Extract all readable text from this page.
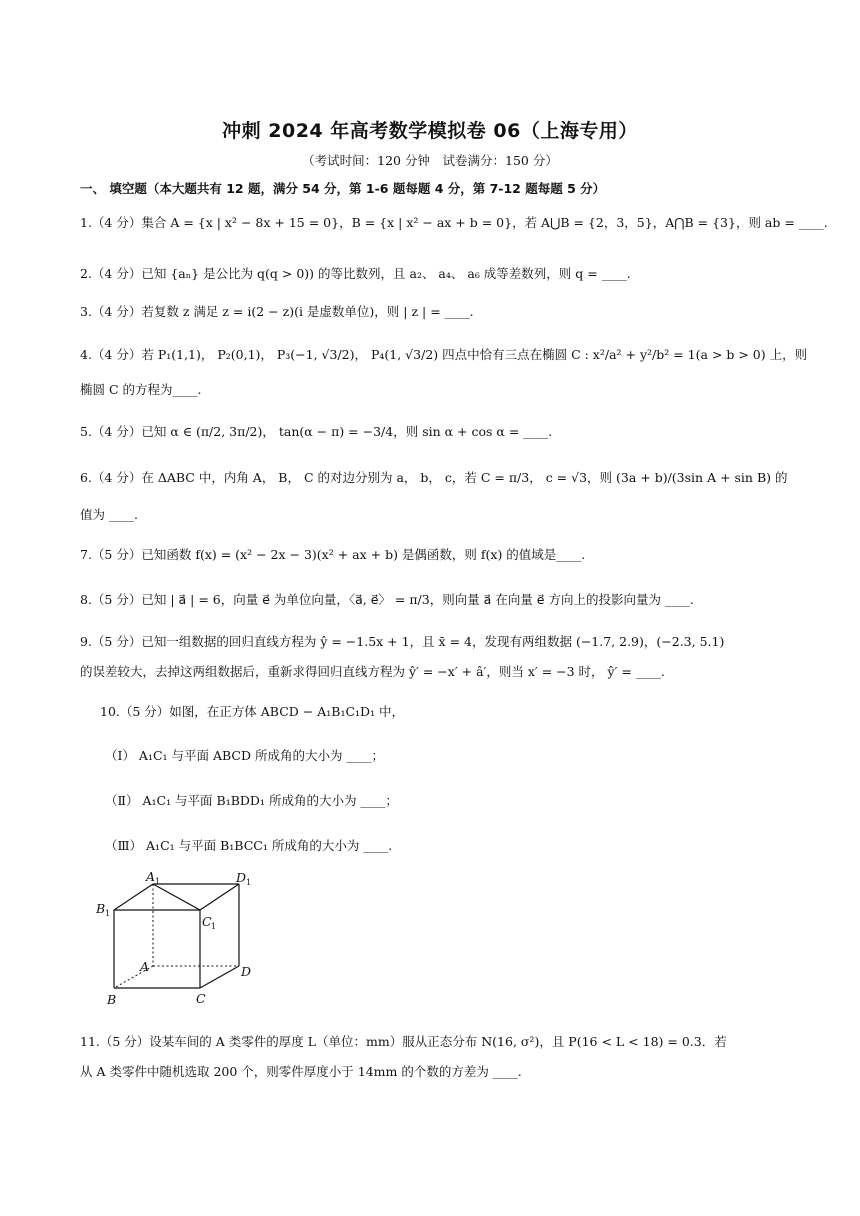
冲刺 2024 年高考数学模拟卷 06（上海专用）
（考试时间：120 分钟　试卷满分：150 分）
一、 填空题（本大题共有 12 题，满分 54 分，第 1-6 题每题 4 分，第 7-12 题每题 5 分）
1.（4 分）集合 A = {x | x² − 8x + 15 = 0}，B = {x | x² − ax + b = 0}，若 A⋃B = {2，3，5}，A⋂B = {3}，则 ab = ____.
2.（4 分）已知 {aₙ} 是公比为 q(q > 0)) 的等比数列，且 a₂、 a₄、 a₆ 成等差数列，则 q = ____.
3.（4 分）若复数 z 满足 z = i(2 − z)(i 是虚数单位)，则 | z | = ____.
4.（4 分）若 P₁(1,1)， P₂(0,1)， P₃(−1, √3/2)， P₄(1, √3/2) 四点中恰有三点在椭圆 C : x²/a² + y²/b² = 1(a > b > 0) 上，则
椭圆 C 的方程为____.
5.（4 分）已知 α ∈ (π/2, 3π/2)， tan(α − π) = −3/4，则 sin α + cos α = ____.
6.（4 分）在 ΔABC 中，内角 A， B， C 的对边分别为 a， b， c，若 C = π/3， c = √3，则 (3a + b)/(3sin A + sin B) 的
值为 ____.
7.（5 分）已知函数 f(x) = (x² − 2x − 3)(x² + ax + b) 是偶函数，则 f(x) 的值域是____.
8.（5 分）已知 | a⃗ | = 6，向量 e⃗ 为单位向量，〈a⃗, e⃗〉 = π/3，则向量 a⃗ 在向量 e⃗ 方向上的投影向量为 ____.
9.（5 分）已知一组数据的回归直线方程为 ŷ = −1.5x + 1，且 x̄ = 4，发现有两组数据 (−1.7, 2.9)，(−2.3, 5.1)
的误差较大，去掉这两组数据后，重新求得回归直线方程为 ŷ′ = −x′ + â′，则当 x′ = −3 时， ŷ′ = ____.
10.（5 分）如图，在正方体 ABCD − A₁B₁C₁D₁ 中，
（Ⅰ） A₁C₁ 与平面 ABCD 所成角的大小为 ____；
（Ⅱ） A₁C₁ 与平面 B₁BDD₁ 所成角的大小为 ____；
（Ⅲ） A₁C₁ 与平面 B₁BCC₁ 所成角的大小为 ____.
A 1
B 1
C 1
D 1
A
B	C
D
11.（5 分）设某车间的 A 类零件的厚度 L（单位：mm）服从正态分布 N(16, σ²)，且 P(16 < L < 18) = 0.3．若
从 A 类零件中随机选取 200 个，则零件厚度小于 14mm 的个数的方差为 ____.
